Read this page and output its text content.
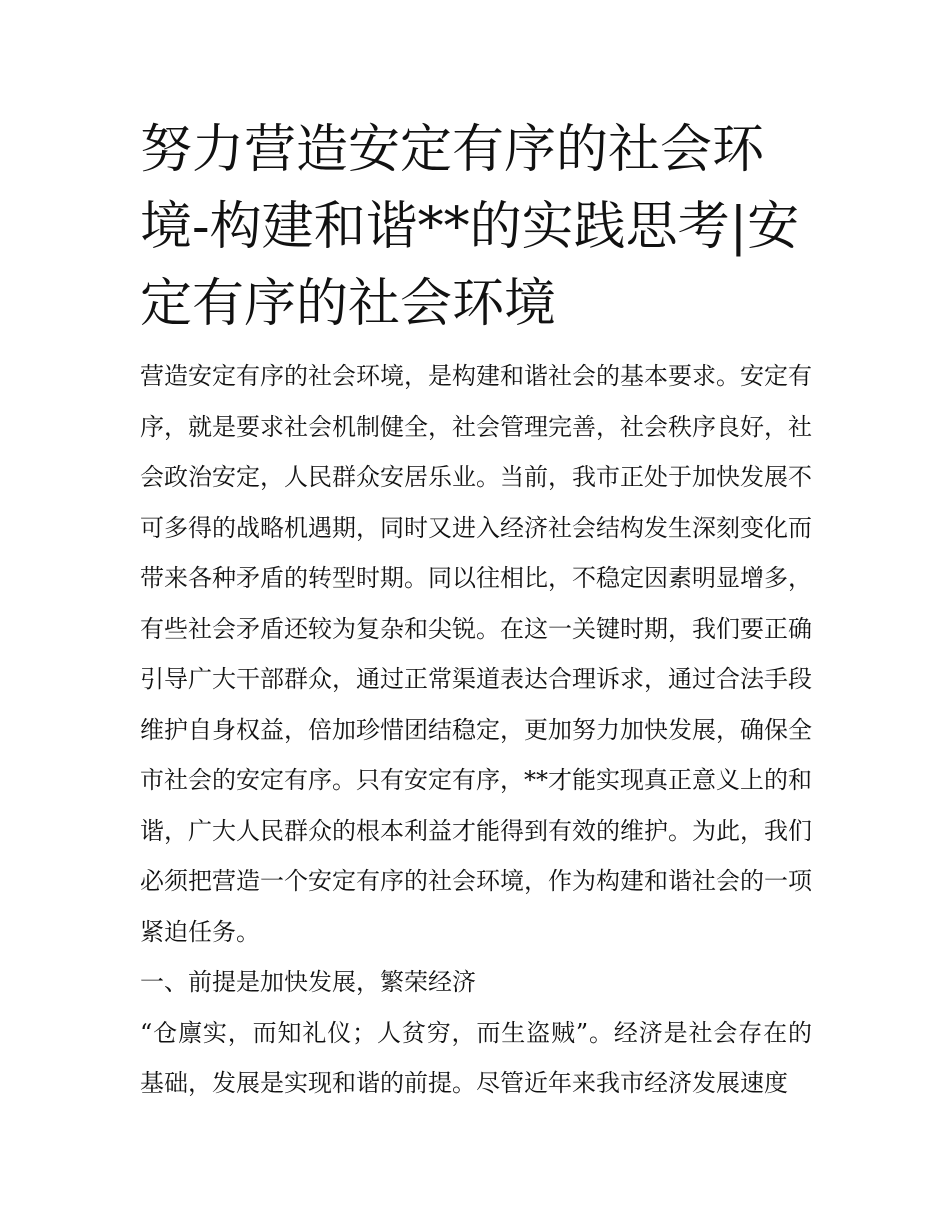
努力营造安定有序的社会环境-构建和谐**的实践思考|安定有序的社会环境

营造安定有序的社会环境，是构建和谐社会的基本要求。安定有序，就是要求社会机制健全，社会管理完善，社会秩序良好，社会政治安定，人民群众安居乐业。当前，我市正处于加快发展不可多得的战略机遇期，同时又进入经济社会结构发生深刻变化而带来各种矛盾的转型时期。同以往相比，不稳定因素明显增多，有些社会矛盾还较为复杂和尖锐。在这一关键时期，我们要正确引导广大干部群众，通过正常渠道表达合理诉求，通过合法手段维护自身权益，倍加珍惜团结稳定，更加努力加快发展，确保全市社会的安定有序。只有安定有序，**才能实现真正意义上的和谐，广大人民群众的根本利益才能得到有效的维护。为此，我们必须把营造一个安定有序的社会环境，作为构建和谐社会的一项紧迫任务。

一、前提是加快发展，繁荣经济

“仓廪实，而知礼仪；人贫穷，而生盗贼”。经济是社会存在的基础，发展是实现和谐的前提。尽管近年来我市经济发展速度
